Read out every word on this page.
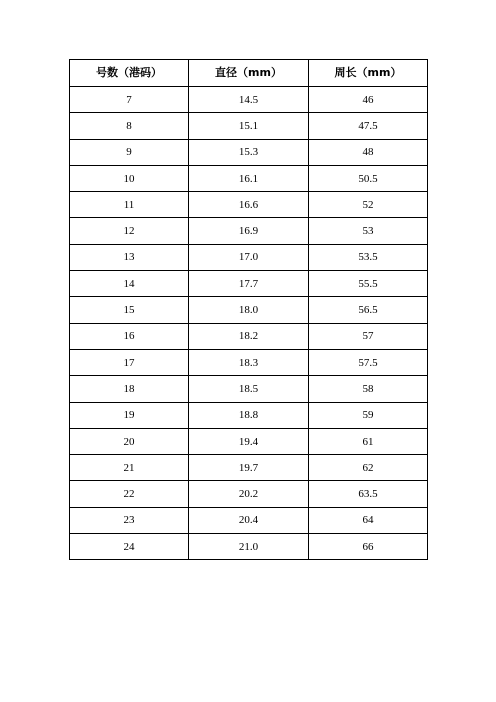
号数（港码）	直径（mm）	周长（mm）
7	14.5	46
8	15.1	47.5
9	15.3	48
10	16.1	50.5
11	16.6	52
12	16.9	53
13	17.0	53.5
14	17.7	55.5
15	18.0	56.5
16	18.2	57
17	18.3	57.5
18	18.5	58
19	18.8	59
20	19.4	61
21	19.7	62
22	20.2	63.5
23	20.4	64
24	21.0	66
